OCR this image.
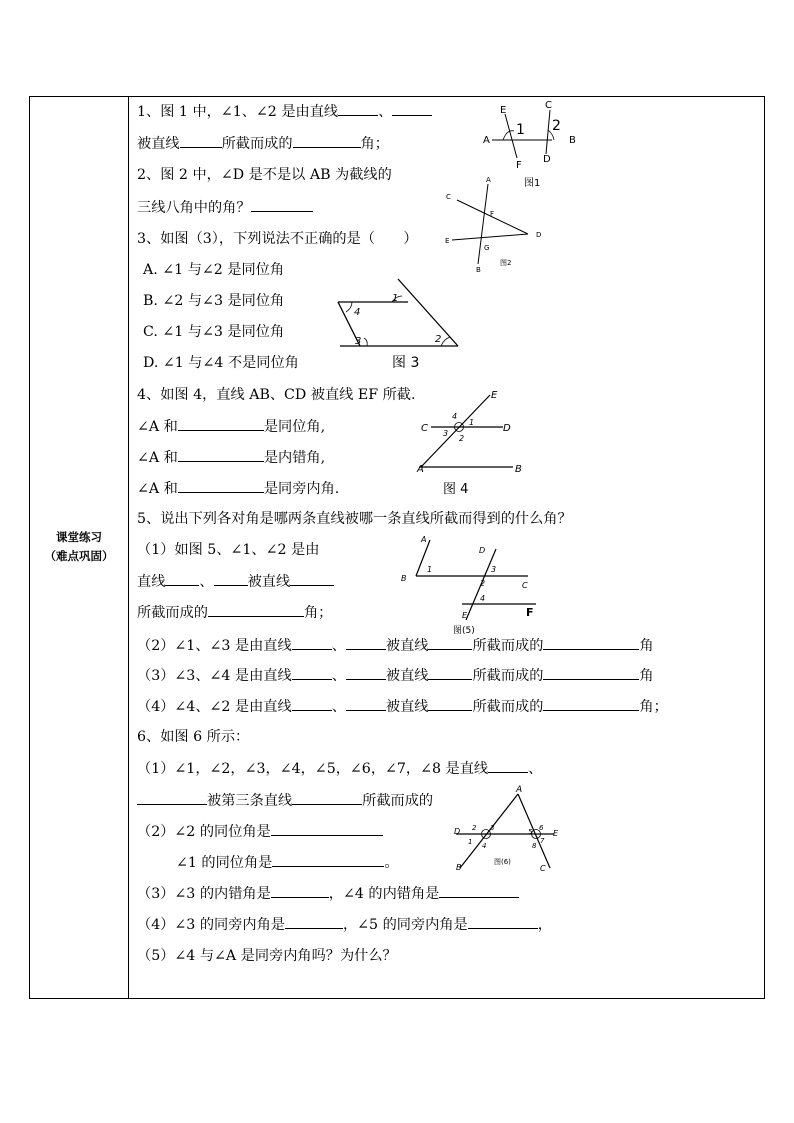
课堂练习
（难点巩固）
1、图 1 中，∠1、∠2 是由直线	、
被直线	所截而成的	角；
E	C
A
1 2
B
F
D
图1
2、图 2 中，∠D 是不是以 AB 为截线的
三线八角中的角？
A
C
F
D
E
G
B
图2
3、如图（3），下列说法不正确的是（　　）
A. ∠1 与∠2 是同位角
B. ∠2 与∠3 是同位角
C. ∠1 与∠3 是同位角
D. ∠1 与∠4 不是同位角
1
2
3
4
图 3
4、如图 4，直线 AB、CD 被直线 EF 所截.
∠A 和	是同位角,
∠A 和	是内错角,
∠A 和	是同旁内角.
E
C	D
A	B
4
1
3
2
图 4
5、说出下列各对角是哪两条直线被哪一条直线所截而得到的什么角？
（1）如图 5、∠1、∠2 是由
直线 、 被直线
所截而成的	角；
A
D
B
1	3
C
2
4
E	F
图(5)
（2）∠1、∠3 是由直线	、	被直线	所截而成的	角
（3）∠3、∠4 是由直线	、	被直线	所截而成的	角
（4）∠4、∠2 是由直线	、	被直线	所截而成的	角；
6、如图 6 所示：
（1）∠1，∠2，∠3，∠4，∠5，∠6，∠7，∠8 是直线	、
被第三条直线	所截而成的
（2）∠2 的同位角是
∠1 的同位角是	。
A
D	E
B	C
2 3
1 4
5 6
7
8
图(6)
（3）∠3 的内错角是	，∠4 的内错角是
（4）∠3 的同旁内角是	，∠5 的同旁内角是	，
（5）∠4 与∠A 是同旁内角吗？为什么？
